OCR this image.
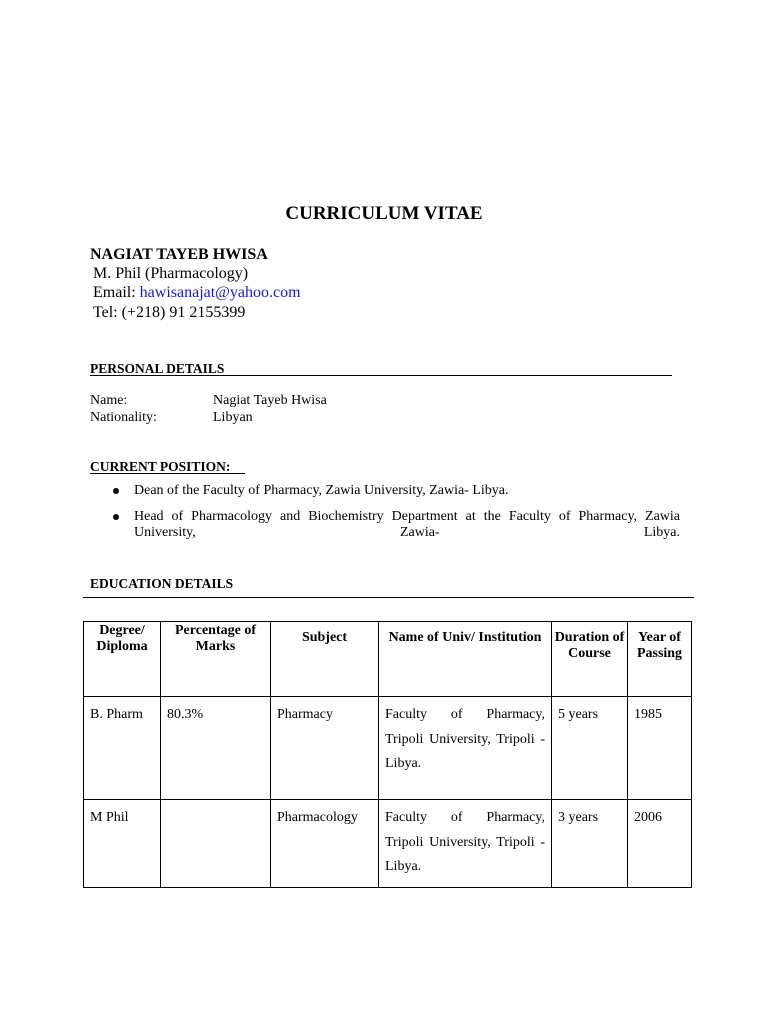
CURRICULUM VITAE
NAGIAT TAYEB HWISA
M. Phil (Pharmacology)
Email: hawisanajat@yahoo.com
Tel: (+218) 91 2155399
PERSONAL DETAILS
Name:	Nagiat Tayeb Hwisa
Nationality:	Libyan
CURRENT POSITION:
Dean of the Faculty of Pharmacy, Zawia University, Zawia- Libya.
Head of Pharmacology and Biochemistry Department at the Faculty of Pharmacy, Zawia University, Zawia- Libya.
EDUCATION DETAILS
Degree/ Diploma	Percentage of Marks	Subject	Name of Univ/ Institution	Duration of Course	Year of Passing
B. Pharm	80.3%	Pharmacy	Faculty of Pharmacy, Tripoli University, Tripoli - Libya.	5 years	1985
M Phil		Pharmacology	Faculty of Pharmacy, Tripoli University, Tripoli - Libya.	3 years	2006
